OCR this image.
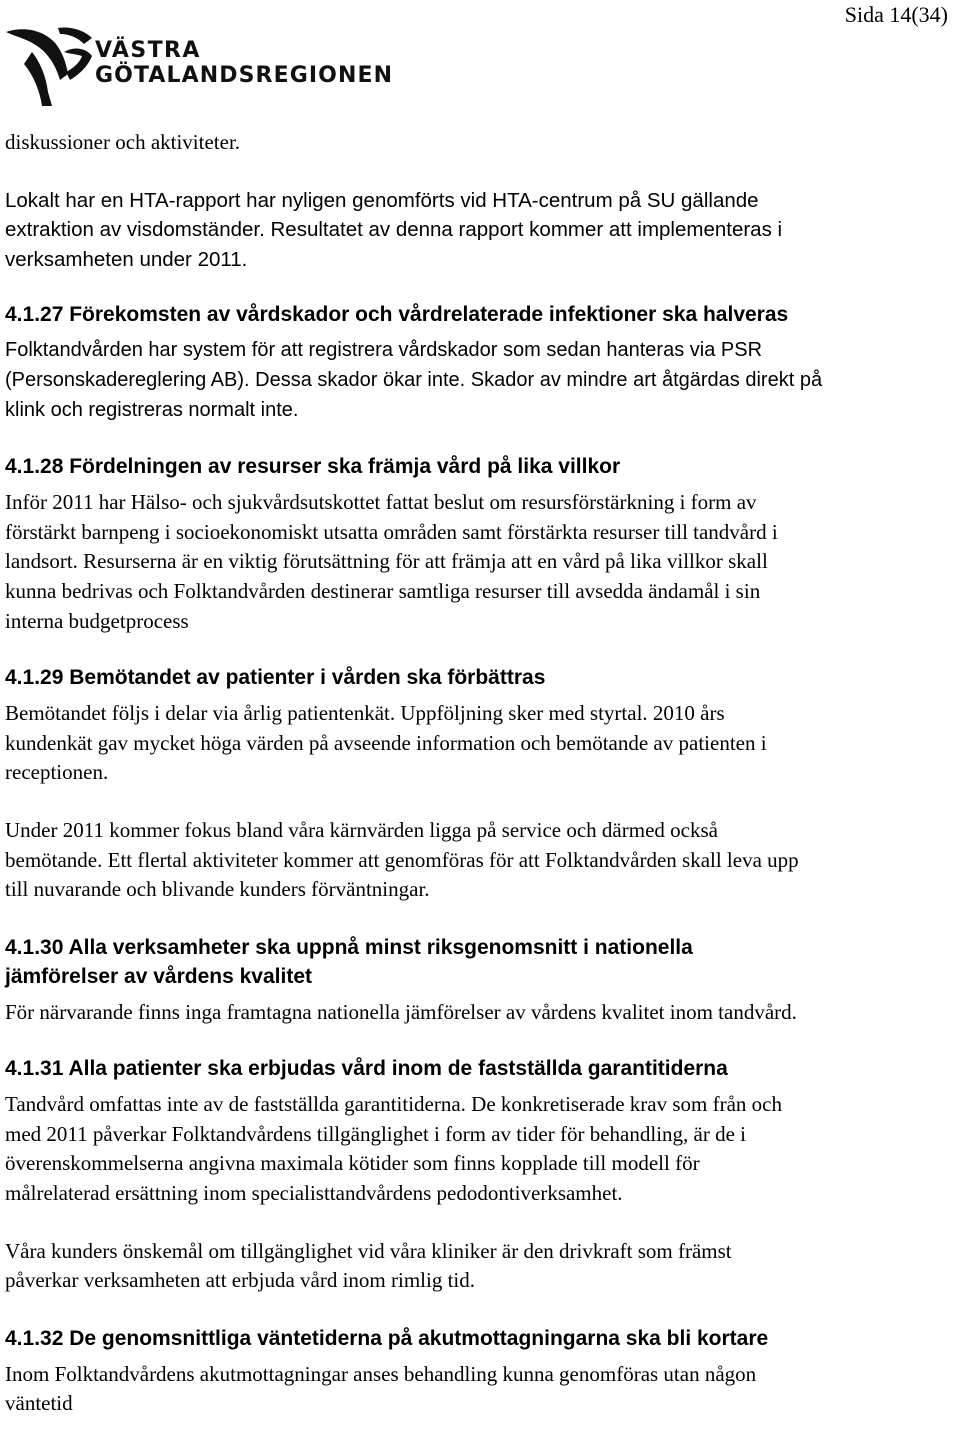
Sida 14(34)
VÄSTRA
GÖTALANDSREGIONEN

diskussioner och aktiviteter.

Lokalt har en HTA-rapport har nyligen genomförts vid HTA-centrum på SU gällande
extraktion av visdomständer. Resultatet av denna rapport kommer att implementeras i
verksamheten under 2011.

4.1.27 Förekomsten av vårdskador och vårdrelaterade infektioner ska halveras

Folktandvården har system för att registrera vårdskador som sedan hanteras via PSR
(Personskadereglering AB). Dessa skador ökar inte. Skador av mindre art åtgärdas direkt på
klink och registreras normalt inte.

4.1.28 Fördelningen av resurser ska främja vård på lika villkor

Inför 2011 har Hälso- och sjukvårdsutskottet fattat beslut om resursförstärkning i form av
förstärkt barnpeng i socioekonomiskt utsatta områden samt förstärkta resurser till tandvård i
landsort. Resurserna är en viktig förutsättning för att främja att en vård på lika villkor skall
kunna bedrivas och Folktandvården destinerar samtliga resurser till avsedda ändamål i sin
interna budgetprocess

4.1.29 Bemötandet av patienter i vården ska förbättras

Bemötandet följs i delar via årlig patientenkät. Uppföljning sker med styrtal. 2010 års
kundenkät gav mycket höga värden på avseende information och bemötande av patienten i
receptionen.

Under 2011 kommer fokus bland våra kärnvärden ligga på service och därmed också
bemötande. Ett flertal aktiviteter kommer att genomföras för att Folktandvården skall leva upp
till nuvarande och blivande kunders förväntningar.

4.1.30 Alla verksamheter ska uppnå minst riksgenomsnitt i nationella
jämförelser av vårdens kvalitet

För närvarande finns inga framtagna nationella jämförelser av vårdens kvalitet inom tandvård.

4.1.31 Alla patienter ska erbjudas vård inom de fastställda garantitiderna

Tandvård omfattas inte av de fastställda garantitiderna. De konkretiserade krav som från och
med 2011 påverkar Folktandvårdens tillgänglighet i form av tider för behandling, är de i
överenskommelserna angivna maximala kötider som finns kopplade till modell för
målrelaterad ersättning inom specialisttandvårdens pedodontiverksamhet.

Våra kunders önskemål om tillgänglighet vid våra kliniker är den drivkraft som främst
påverkar verksamheten att erbjuda vård inom rimlig tid.

4.1.32 De genomsnittliga väntetiderna på akutmottagningarna ska bli kortare

Inom Folktandvårdens akutmottagningar anses behandling kunna genomföras utan någon
väntetid
